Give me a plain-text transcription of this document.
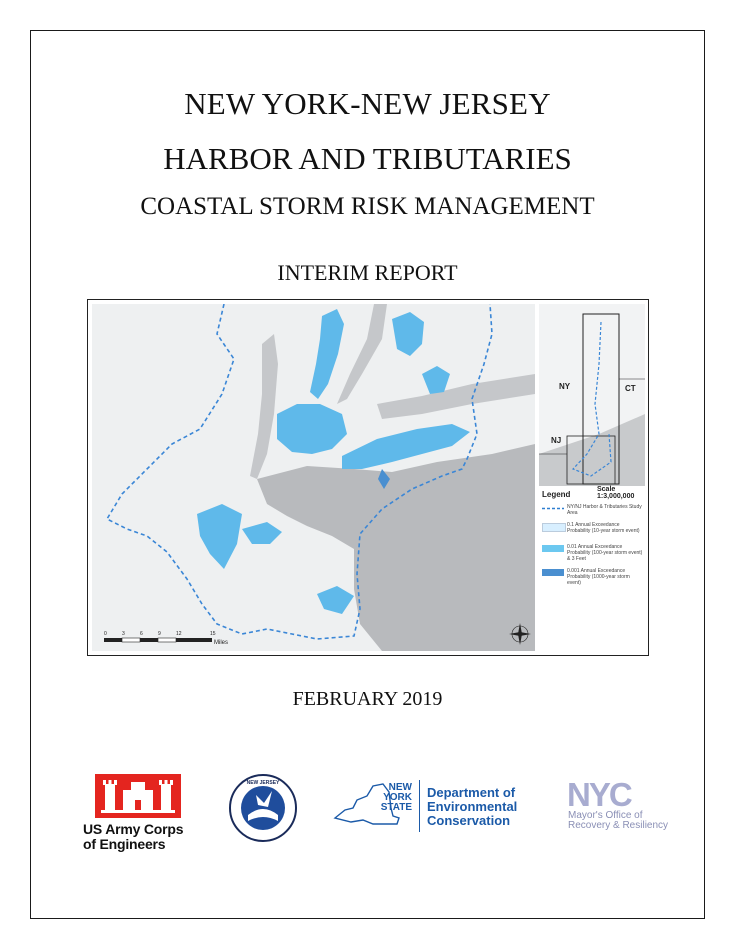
NEW YORK-NEW JERSEY
HARBOR AND TRIBUTARIES
COASTAL STORM RISK MANAGEMENT
INTERIM REPORT
0	3	6	9	12	15
Miles
NY	CT
NJ
Scale 1:3,000,000
Legend
NY/NJ Harbor & Tributaries Study Area
0.1 Annual Exceedance Probability (10-year storm event)
0.01 Annual Exceedance Probability (100-year storm event) & 3 Feet
0.001 Annual Exceedance Probability (1000-year storm event)
FEBRUARY 2019
US Army Corps
of Engineers
NEW JERSEY	NEW
YORK
STATE
Department of
Environmental
Conservation
NYC
Mayor's Office of
Recovery & Resiliency
